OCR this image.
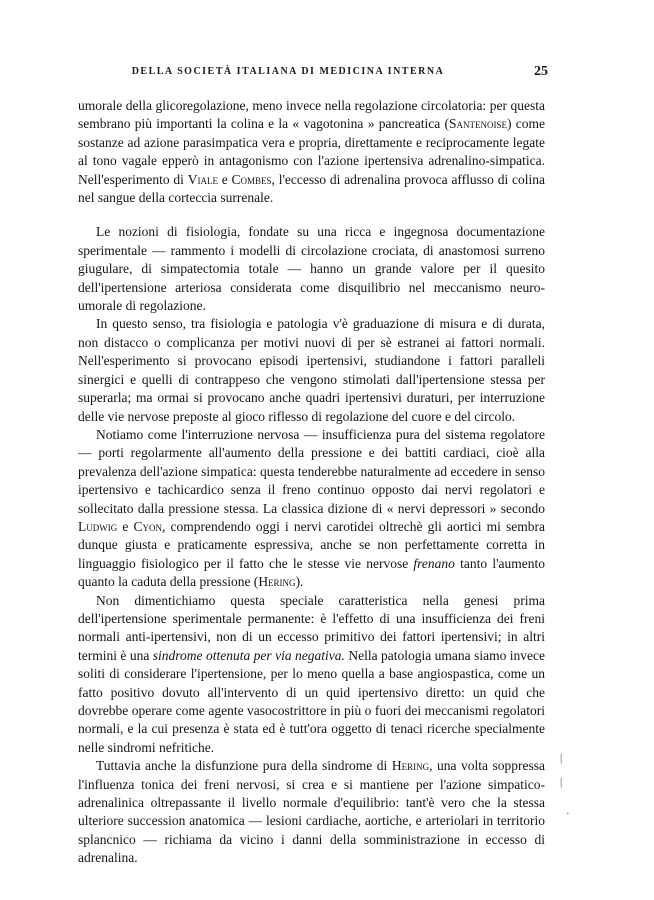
DELLA SOCIETÀ ITALIANA DI MEDICINA INTERNA	25

umorale della glicoregolazione, meno invece nella regolazione circolatoria: per questa sembrano più importanti la colina e la « vagotonina » pancreatica (Santenoise) come sostanze ad azione parasimpatica vera e propria, direttamente e reciprocamente legate al tono vagale epperò in antagonismo con l'azione ipertensiva adrenalino-simpatica. Nell'esperimento di Viale e Combes, l'eccesso di adrenalina provoca afflusso di colina nel sangue della corteccia surrenale.

Le nozioni di fisiologia, fondate su una ricca e ingegnosa documentazione sperimentale — rammento i modelli di circolazione crociata, di anastomosi surreno giugulare, di simpatectomia totale — hanno un grande valore per il quesito dell'ipertensione arteriosa considerata come disquilibrio nel meccanismo neuro-umorale di regolazione.

In questo senso, tra fisiologia e patologia v'è graduazione di misura e di durata, non distacco o complicanza per motivi nuovi di per sè estranei ai fattori normali. Nell'esperimento si provocano episodi ipertensivi, studiandone i fattori paralleli sinergici e quelli di contrappeso che vengono stimolati dall'ipertensione stessa per superarla; ma ormai si provocano anche quadri ipertensivi duraturi, per interruzione delle vie nervose preposte al gioco riflesso di regolazione del cuore e del circolo.

Notiamo come l'interruzione nervosa — insufficienza pura del sistema regolatore — porti regolarmente all'aumento della pressione e dei battiti cardiaci, cioè alla prevalenza dell'azione simpatica: questa tenderebbe naturalmente ad eccedere in senso ipertensivo e tachicardico senza il freno continuo opposto dai nervi regolatori e sollecitato dalla pressione stessa. La classica dizione di « nervi depressori » secondo Ludwig e Cyon, comprendendo oggi i nervi carotidei oltrechè gli aortici mi sembra dunque giusta e praticamente espressiva, anche se non perfettamente corretta in linguaggio fisiologico per il fatto che le stesse vie nervose frenano tanto l'aumento quanto la caduta della pressione (Hering).

Non dimentichiamo questa speciale caratteristica nella genesi prima dell'ipertensione sperimentale permanente: è l'effetto di una insufficienza dei freni normali anti-ipertensivi, non di un eccesso primitivo dei fattori ipertensivi; in altri termini è una sindrome ottenuta per via negativa. Nella patologia umana siamo invece soliti di considerare l'ipertensione, per lo meno quella a base angiospastica, come un fatto positivo dovuto all'intervento di un quid ipertensivo diretto: un quid che dovrebbe operare come agente vasocostrittore in più o fuori dei meccanismi regolatori normali, e la cui presenza è stata ed è tutt'ora oggetto di tenaci ricerche specialmente nelle sindromi nefritiche.

Tuttavia anche la disfunzione pura della sindrome di Hering, una volta soppressa l'influenza tonica dei freni nervosi, si crea e si mantiene per l'azione simpatico-adrenalinica oltrepassante il livello normale d'equilibrio: tant'è vero che la stessa ulteriore succession anatomica — lesioni cardiache, aortiche, e arteriolari in territorio splancnico — richiama da vicino i danni della somministrazione in eccesso di adrenalina.

|
|
·
